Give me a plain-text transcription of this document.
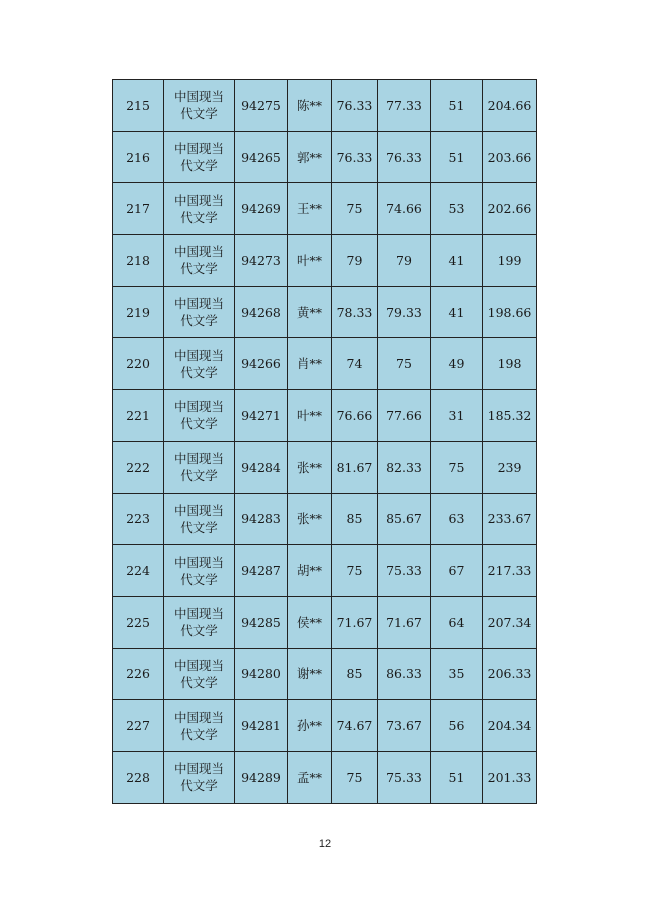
215	中国现当代文学	94275	陈**	76.33	77.33	51	204.66
216	中国现当代文学	94265	郭**	76.33	76.33	51	203.66
217	中国现当代文学	94269	王**	75	74.66	53	202.66
218	中国现当代文学	94273	叶**	79	79	41	199
219	中国现当代文学	94268	黄**	78.33	79.33	41	198.66
220	中国现当代文学	94266	肖**	74	75	49	198
221	中国现当代文学	94271	叶**	76.66	77.66	31	185.32
222	中国现当代文学	94284	张**	81.67	82.33	75	239
223	中国现当代文学	94283	张**	85	85.67	63	233.67
224	中国现当代文学	94287	胡**	75	75.33	67	217.33
225	中国现当代文学	94285	侯**	71.67	71.67	64	207.34
226	中国现当代文学	94280	谢**	85	86.33	35	206.33
227	中国现当代文学	94281	孙**	74.67	73.67	56	204.34
228	中国现当代文学	94289	孟**	75	75.33	51	201.33
12
